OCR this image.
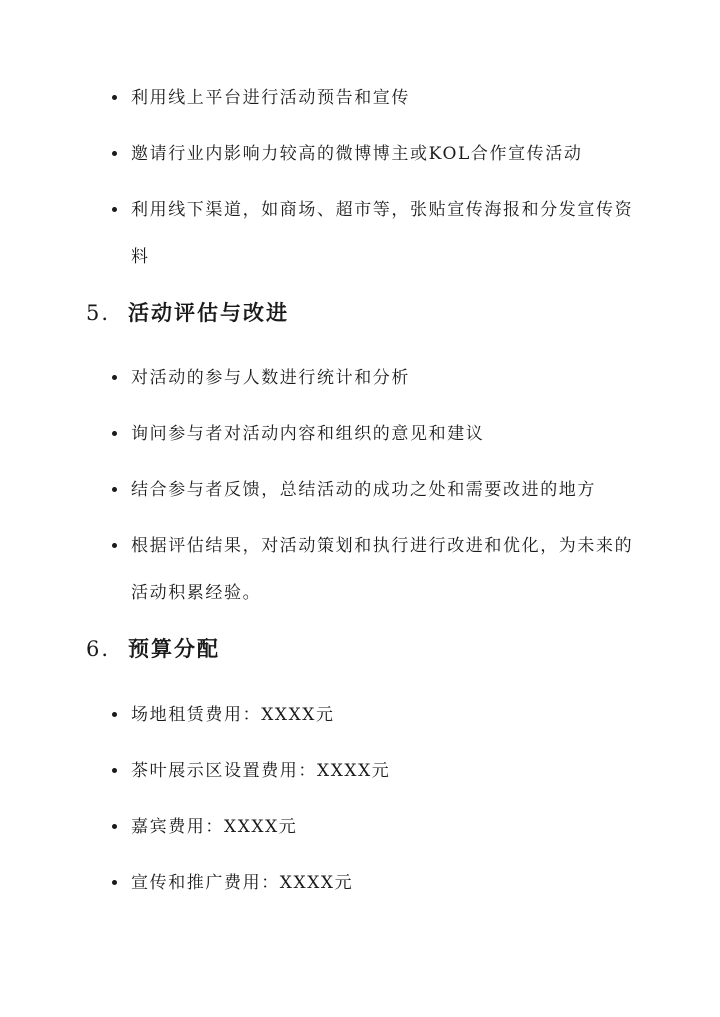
利用线上平台进行活动预告和宣传
邀请行业内影响力较高的微博博主或KOL合作宣传活动
利用线下渠道，如商场、超市等，张贴宣传海报和分发宣传资料
5. 活动评估与改进
对活动的参与人数进行统计和分析
询问参与者对活动内容和组织的意见和建议
结合参与者反馈，总结活动的成功之处和需要改进的地方
根据评估结果，对活动策划和执行进行改进和优化，为未来的活动积累经验。
6. 预算分配
场地租赁费用：XXXX元
茶叶展示区设置费用：XXXX元
嘉宾费用：XXXX元
宣传和推广费用：XXXX元
